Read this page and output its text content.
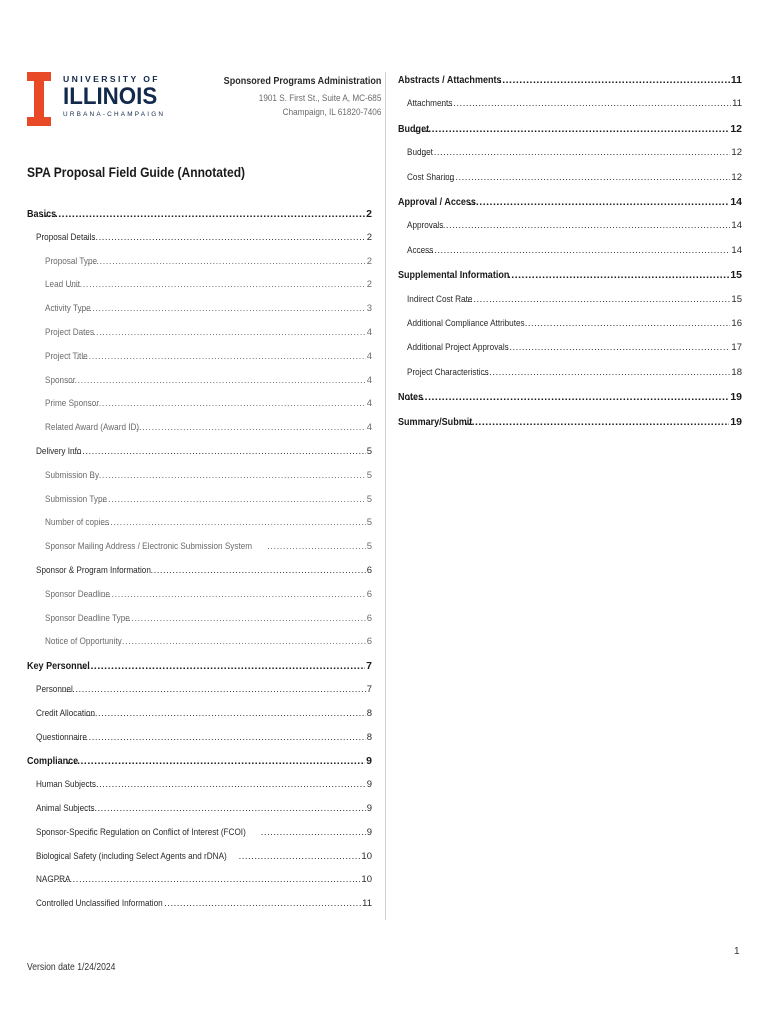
UNIVERSITY OF
ILLINOIS
URBANA-CHAMPAIGN
Sponsored Programs Administration
1901 S. First St., Suite A, MC-685
Champaign, IL 61820-7406
SPA Proposal Field Guide (Annotated)
Basics .....	2
Proposal Details .....	2
Proposal Type .....	2
Lead Unit .....	2
Activity Type .....	3
Project Dates .....	4
Project Title .....	4
Sponsor .....	4
Prime Sponsor .....	4
Related Award (Award ID) .....	4
Delivery Info .....	5
Submission By .....	5
Submission Type .....	5
Number of copies .....	5
Sponsor Mailing Address / Electronic Submission System .....	5
Sponsor & Program Information .....	6
Sponsor Deadline .....	6
Sponsor Deadline Type .....	6
Notice of Opportunity .....	6
Key Personnel .....	7
Personnel .....	7
Credit Allocation .....	8
Questionnaire .....	8
Compliance .....	9
Human Subjects .....	9
Animal Subjects .....	9
Sponsor-Specific Regulation on Conflict of Interest (FCOI) .....	9
Biological Safety (including Select Agents and rDNA) .....	10
NAGPRA .....	10
Controlled Unclassified Information .....	11
Abstracts / Attachments .....	11
Attachments .....	11
Budget .....	12
Budget .....	12
Cost Sharing .....	12
Approval / Access .....	14
Approvals .....	14
Access .....	14
Supplemental Information .....	15
Indirect Cost Rate .....	15
Additional Compliance Attributes .....	16
Additional Project Approvals .....	17
Project Characteristics .....	18
Notes .....	19
Summary/Submit .....	19
Version date 1/24/2024
1
